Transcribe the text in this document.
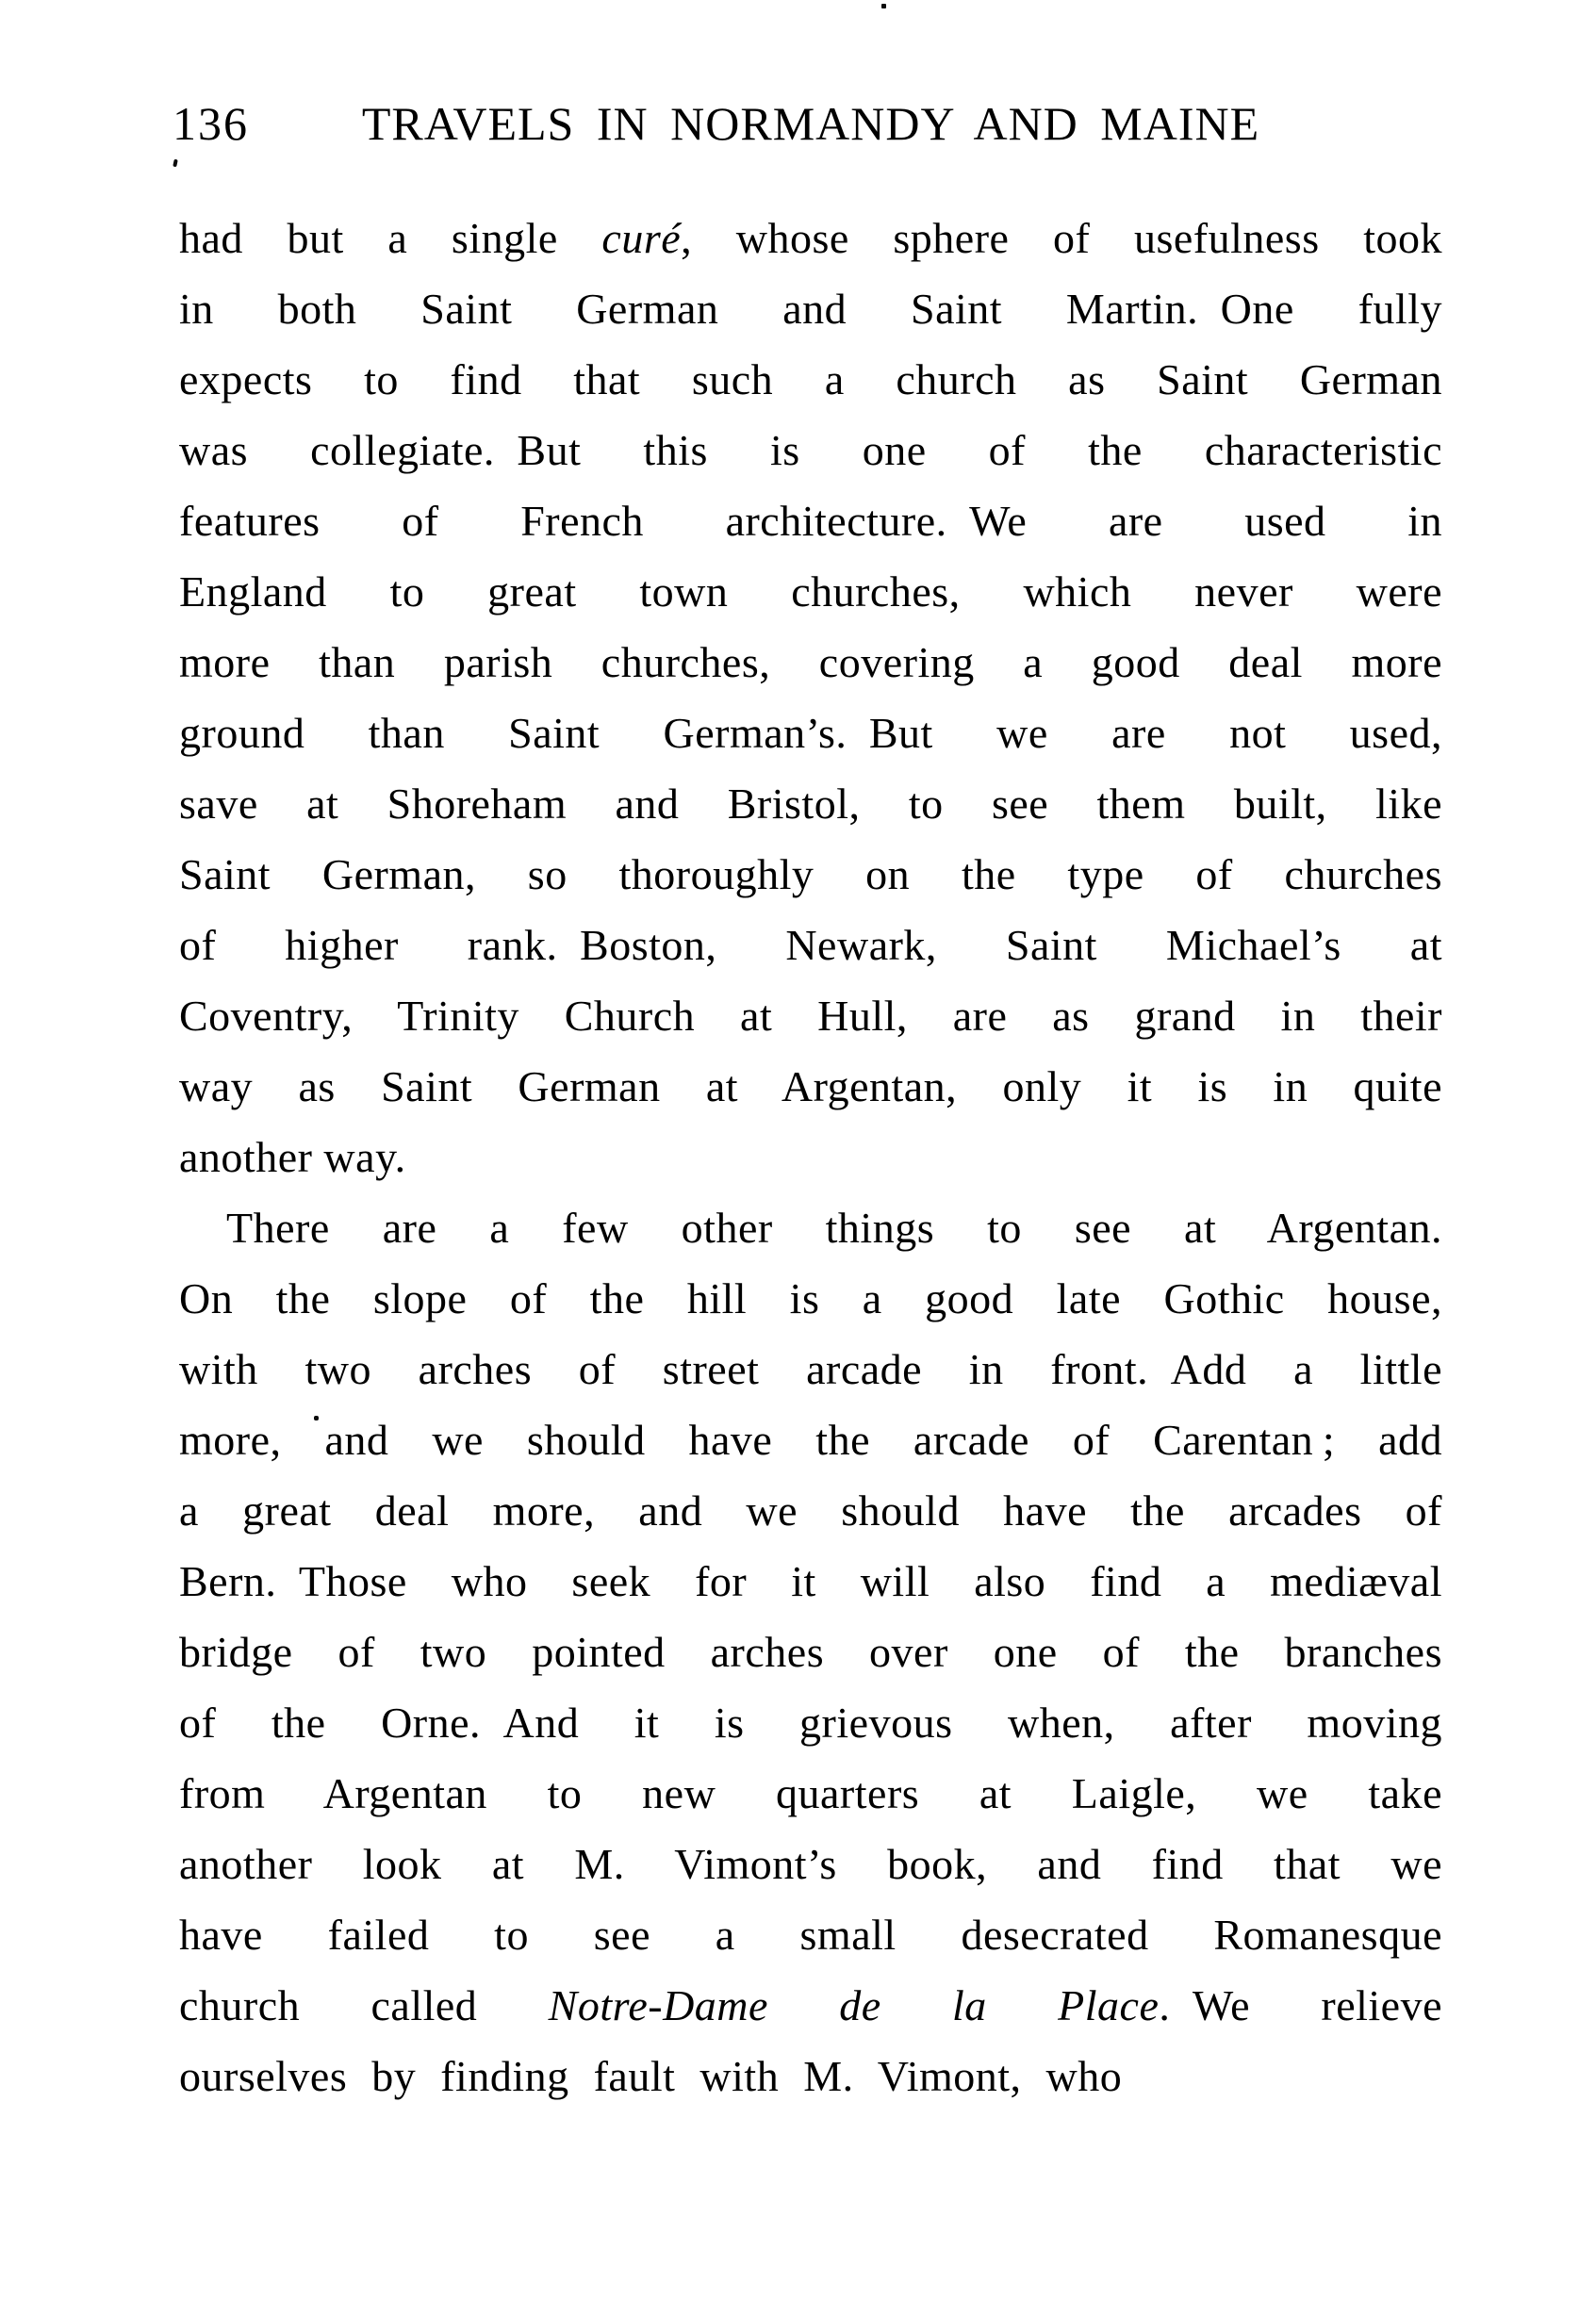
136	TRAVELS IN NORMANDY AND MAINE
had but a single curé, whose sphere of usefulness took
in both Saint German and Saint Martin. One fully
expects to find that such a church as Saint German
was collegiate. But this is one of the characteristic
features of French architecture. We are used in
England to great town churches, which never were
more than parish churches, covering a good deal more
ground than Saint German’s. But we are not used,
save at Shoreham and Bristol, to see them built, like
Saint German, so thoroughly on the type of churches
of higher rank. Boston, Newark, Saint Michael’s at
Coventry, Trinity Church at Hull, are as grand in their
way as Saint German at Argentan, only it is in quite
another way.
There are a few other things to see at Argentan.
On the slope of the hill is a good late Gothic house,
with two arches of street arcade in front. Add a little
more, and we should have the arcade of Carentan ; add
a great deal more, and we should have the arcades of
Bern. Those who seek for it will also find a mediæval
bridge of two pointed arches over one of the branches
of the Orne. And it is grievous when, after moving
from Argentan to new quarters at Laigle, we take
another look at M. Vimont’s book, and find that we
have failed to see a small desecrated Romanesque
church called Notre-Dame de la Place. We relieve
ourselves by finding fault with M. Vimont, who
